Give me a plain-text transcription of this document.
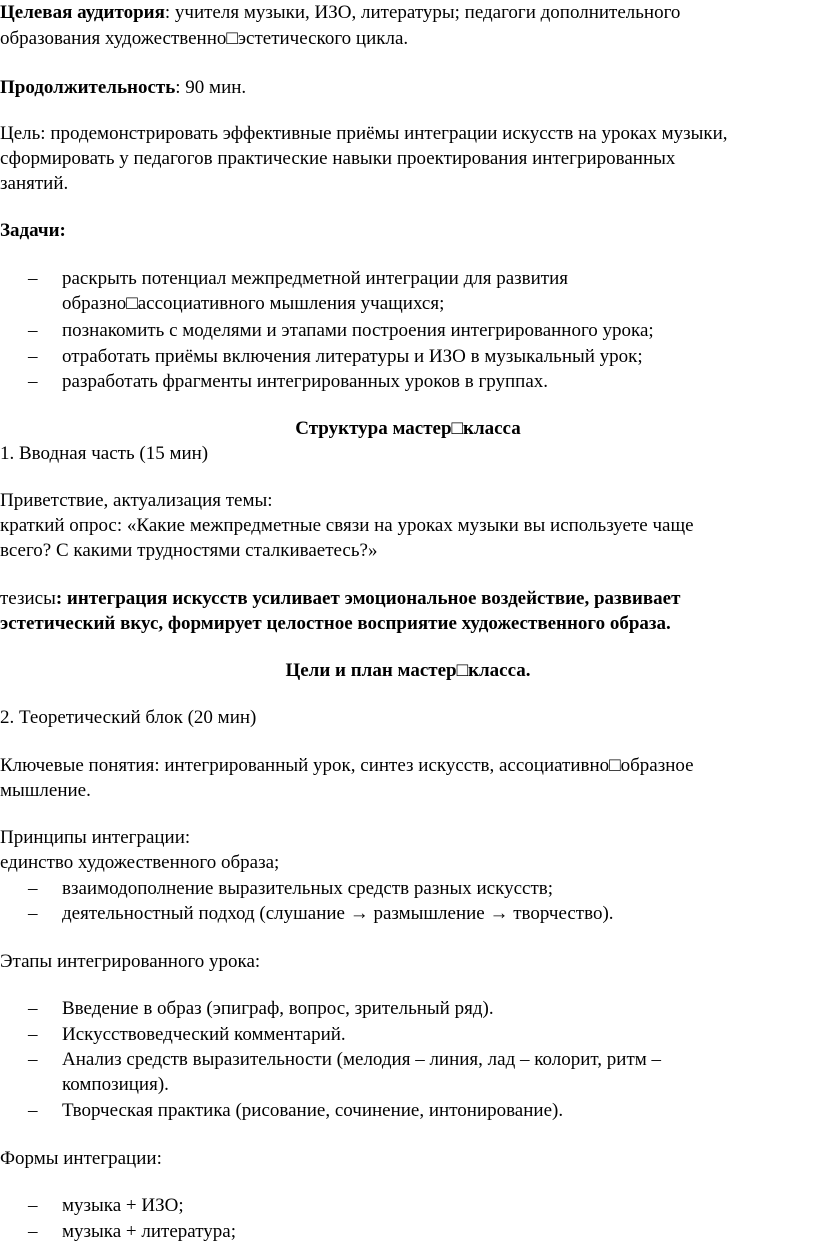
Целевая аудитория: учителя музыки, ИЗО, литературы; педагоги дополнительного
образования художественно□эстетического цикла.
Продолжительность: 90 мин.
Цель: продемонстрировать эффективные приёмы интеграции искусств на уроках музыки,
сформировать у педагогов практические навыки проектирования интегрированных
занятий.
Задачи:
– раскрыть потенциал межпредметной интеграции для развития
образно□ассоциативного мышления учащихся;
– познакомить с моделями и этапами построения интегрированного урока;
– отработать приёмы включения литературы и ИЗО в музыкальный урок;
– разработать фрагменты интегрированных уроков в группах.
Структура мастер□класса
1. Вводная часть (15 мин)
Приветствие, актуализация темы:
краткий опрос: «Какие межпредметные связи на уроках музыки вы используете чаще
всего? С какими трудностями сталкиваетесь?»
тезисы: интеграция искусств усиливает эмоциональное воздействие, развивает
эстетический вкус, формирует целостное восприятие художественного образа.
Цели и план мастер□класса.
2. Теоретический блок (20 мин)
Ключевые понятия: интегрированный урок, синтез искусств, ассоциативно□образное
мышление.
Принципы интеграции:
единство художественного образа;
– взаимодополнение выразительных средств разных искусств;
– деятельностный подход (слушание → размышление → творчество).
Этапы интегрированного урока:
– Введение в образ (эпиграф, вопрос, зрительный ряд).
– Искусствоведческий комментарий.
– Анализ средств выразительности (мелодия – линия, лад – колорит, ритм –
композиция).
– Творческая практика (рисование, сочинение, интонирование).
Формы интеграции:
– музыка + ИЗО;
– музыка + литература;
